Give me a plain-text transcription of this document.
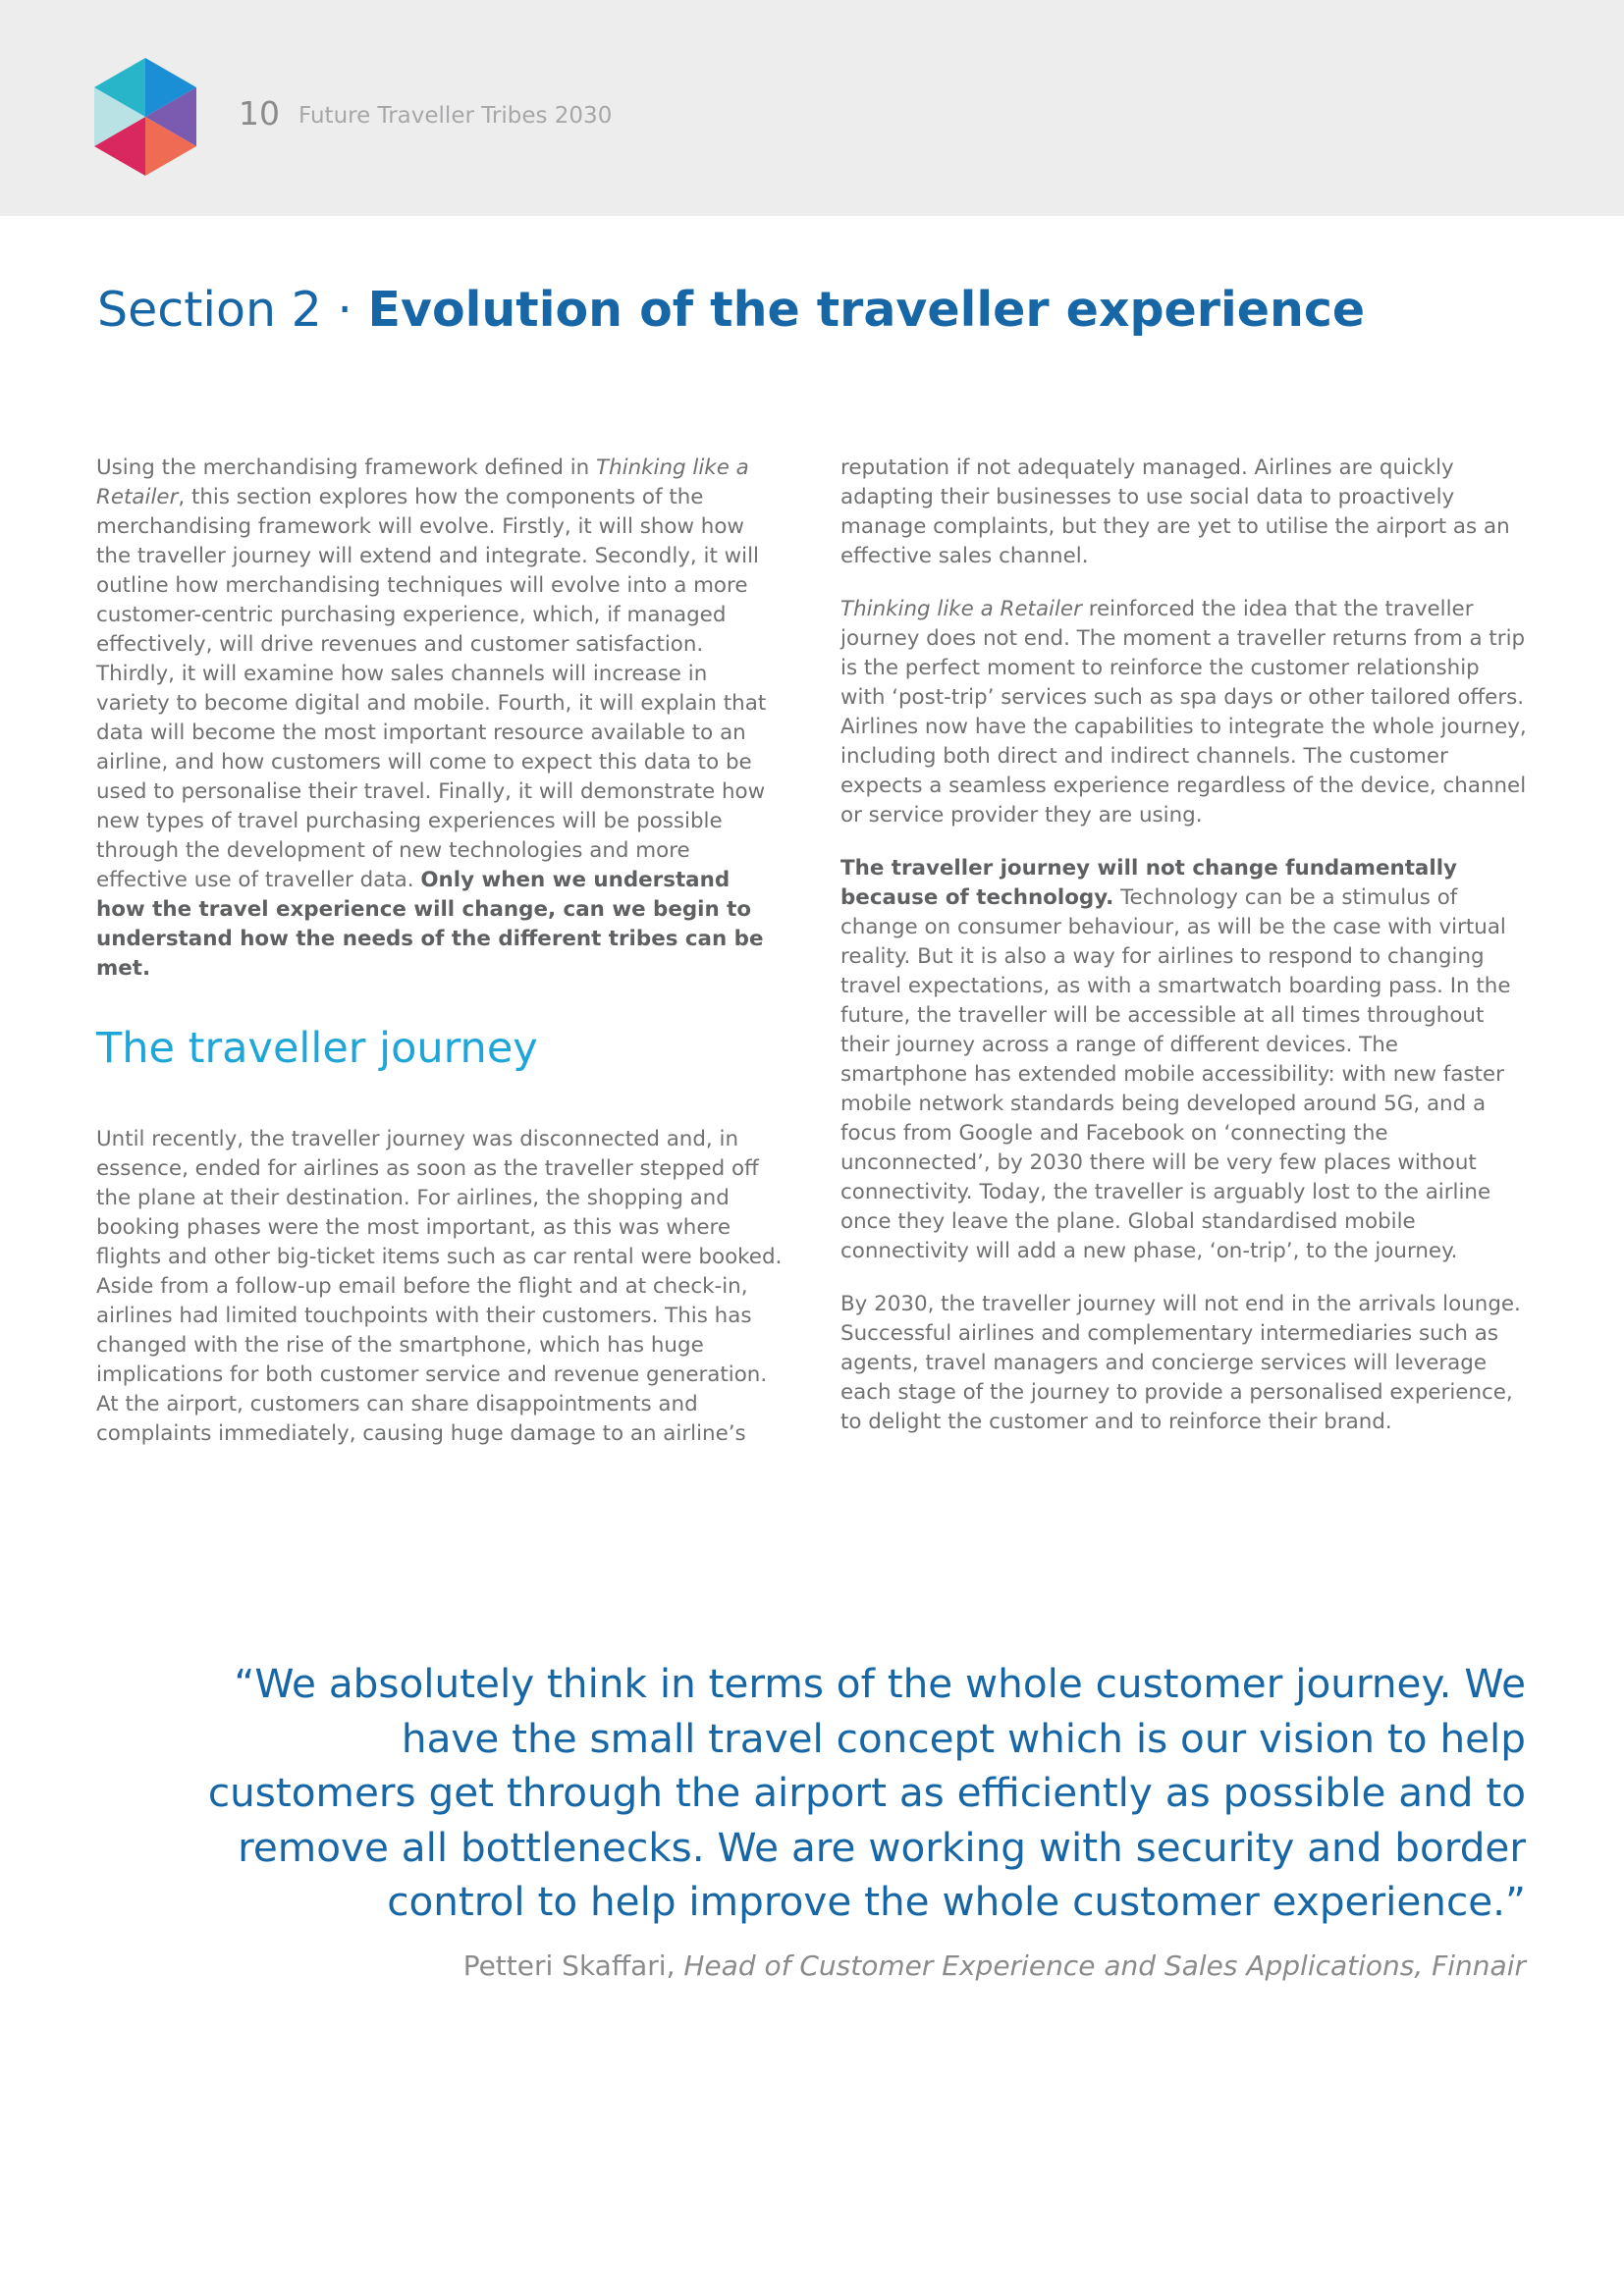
10 Future Traveller Tribes 2030
Section 2 · Evolution of the traveller experience

Using the merchandising framework defined in Thinking like a Retailer, this section explores how the components of the merchandising framework will evolve. Firstly, it will show how the traveller journey will extend and integrate. Secondly, it will outline how merchandising techniques will evolve into a more customer-centric purchasing experience, which, if managed effectively, will drive revenues and customer satisfaction. Thirdly, it will examine how sales channels will increase in variety to become digital and mobile. Fourth, it will explain that data will become the most important resource available to an airline, and how customers will come to expect this data to be used to personalise their travel. Finally, it will demonstrate how new types of travel purchasing experiences will be possible through the development of new technologies and more effective use of traveller data. Only when we understand how the travel experience will change, can we begin to understand how the needs of the different tribes can be met.

The traveller journey

Until recently, the traveller journey was disconnected and, in essence, ended for airlines as soon as the traveller stepped off the plane at their destination. For airlines, the shopping and booking phases were the most important, as this was where flights and other big-ticket items such as car rental were booked. Aside from a follow-up email before the flight and at check-in, airlines had limited touchpoints with their customers. This has changed with the rise of the smartphone, which has huge implications for both customer service and revenue generation. At the airport, customers can share disappointments and complaints immediately, causing huge damage to an airline’s

reputation if not adequately managed. Airlines are quickly adapting their businesses to use social data to proactively manage complaints, but they are yet to utilise the airport as an effective sales channel.

Thinking like a Retailer reinforced the idea that the traveller journey does not end. The moment a traveller returns from a trip is the perfect moment to reinforce the customer relationship with ‘post-trip’ services such as spa days or other tailored offers. Airlines now have the capabilities to integrate the whole journey, including both direct and indirect channels. The customer expects a seamless experience regardless of the device, channel or service provider they are using.

The traveller journey will not change fundamentally because of technology. Technology can be a stimulus of change on consumer behaviour, as will be the case with virtual reality. But it is also a way for airlines to respond to changing travel expectations, as with a smartwatch boarding pass. In the future, the traveller will be accessible at all times throughout their journey across a range of different devices. The smartphone has extended mobile accessibility: with new faster mobile network standards being developed around 5G, and a focus from Google and Facebook on ‘connecting the unconnected’, by 2030 there will be very few places without connectivity. Today, the traveller is arguably lost to the airline once they leave the plane. Global standardised mobile connectivity will add a new phase, ‘on-trip’, to the journey.

By 2030, the traveller journey will not end in the arrivals lounge. Successful airlines and complementary intermediaries such as agents, travel managers and concierge services will leverage each stage of the journey to provide a personalised experience, to delight the customer and to reinforce their brand.

“We absolutely think in terms of the whole customer journey. We have the small travel concept which is our vision to help customers get through the airport as efficiently as possible and to remove all bottlenecks. We are working with security and border control to help improve the whole customer experience.”
Petteri Skaffari, Head of Customer Experience and Sales Applications, Finnair
